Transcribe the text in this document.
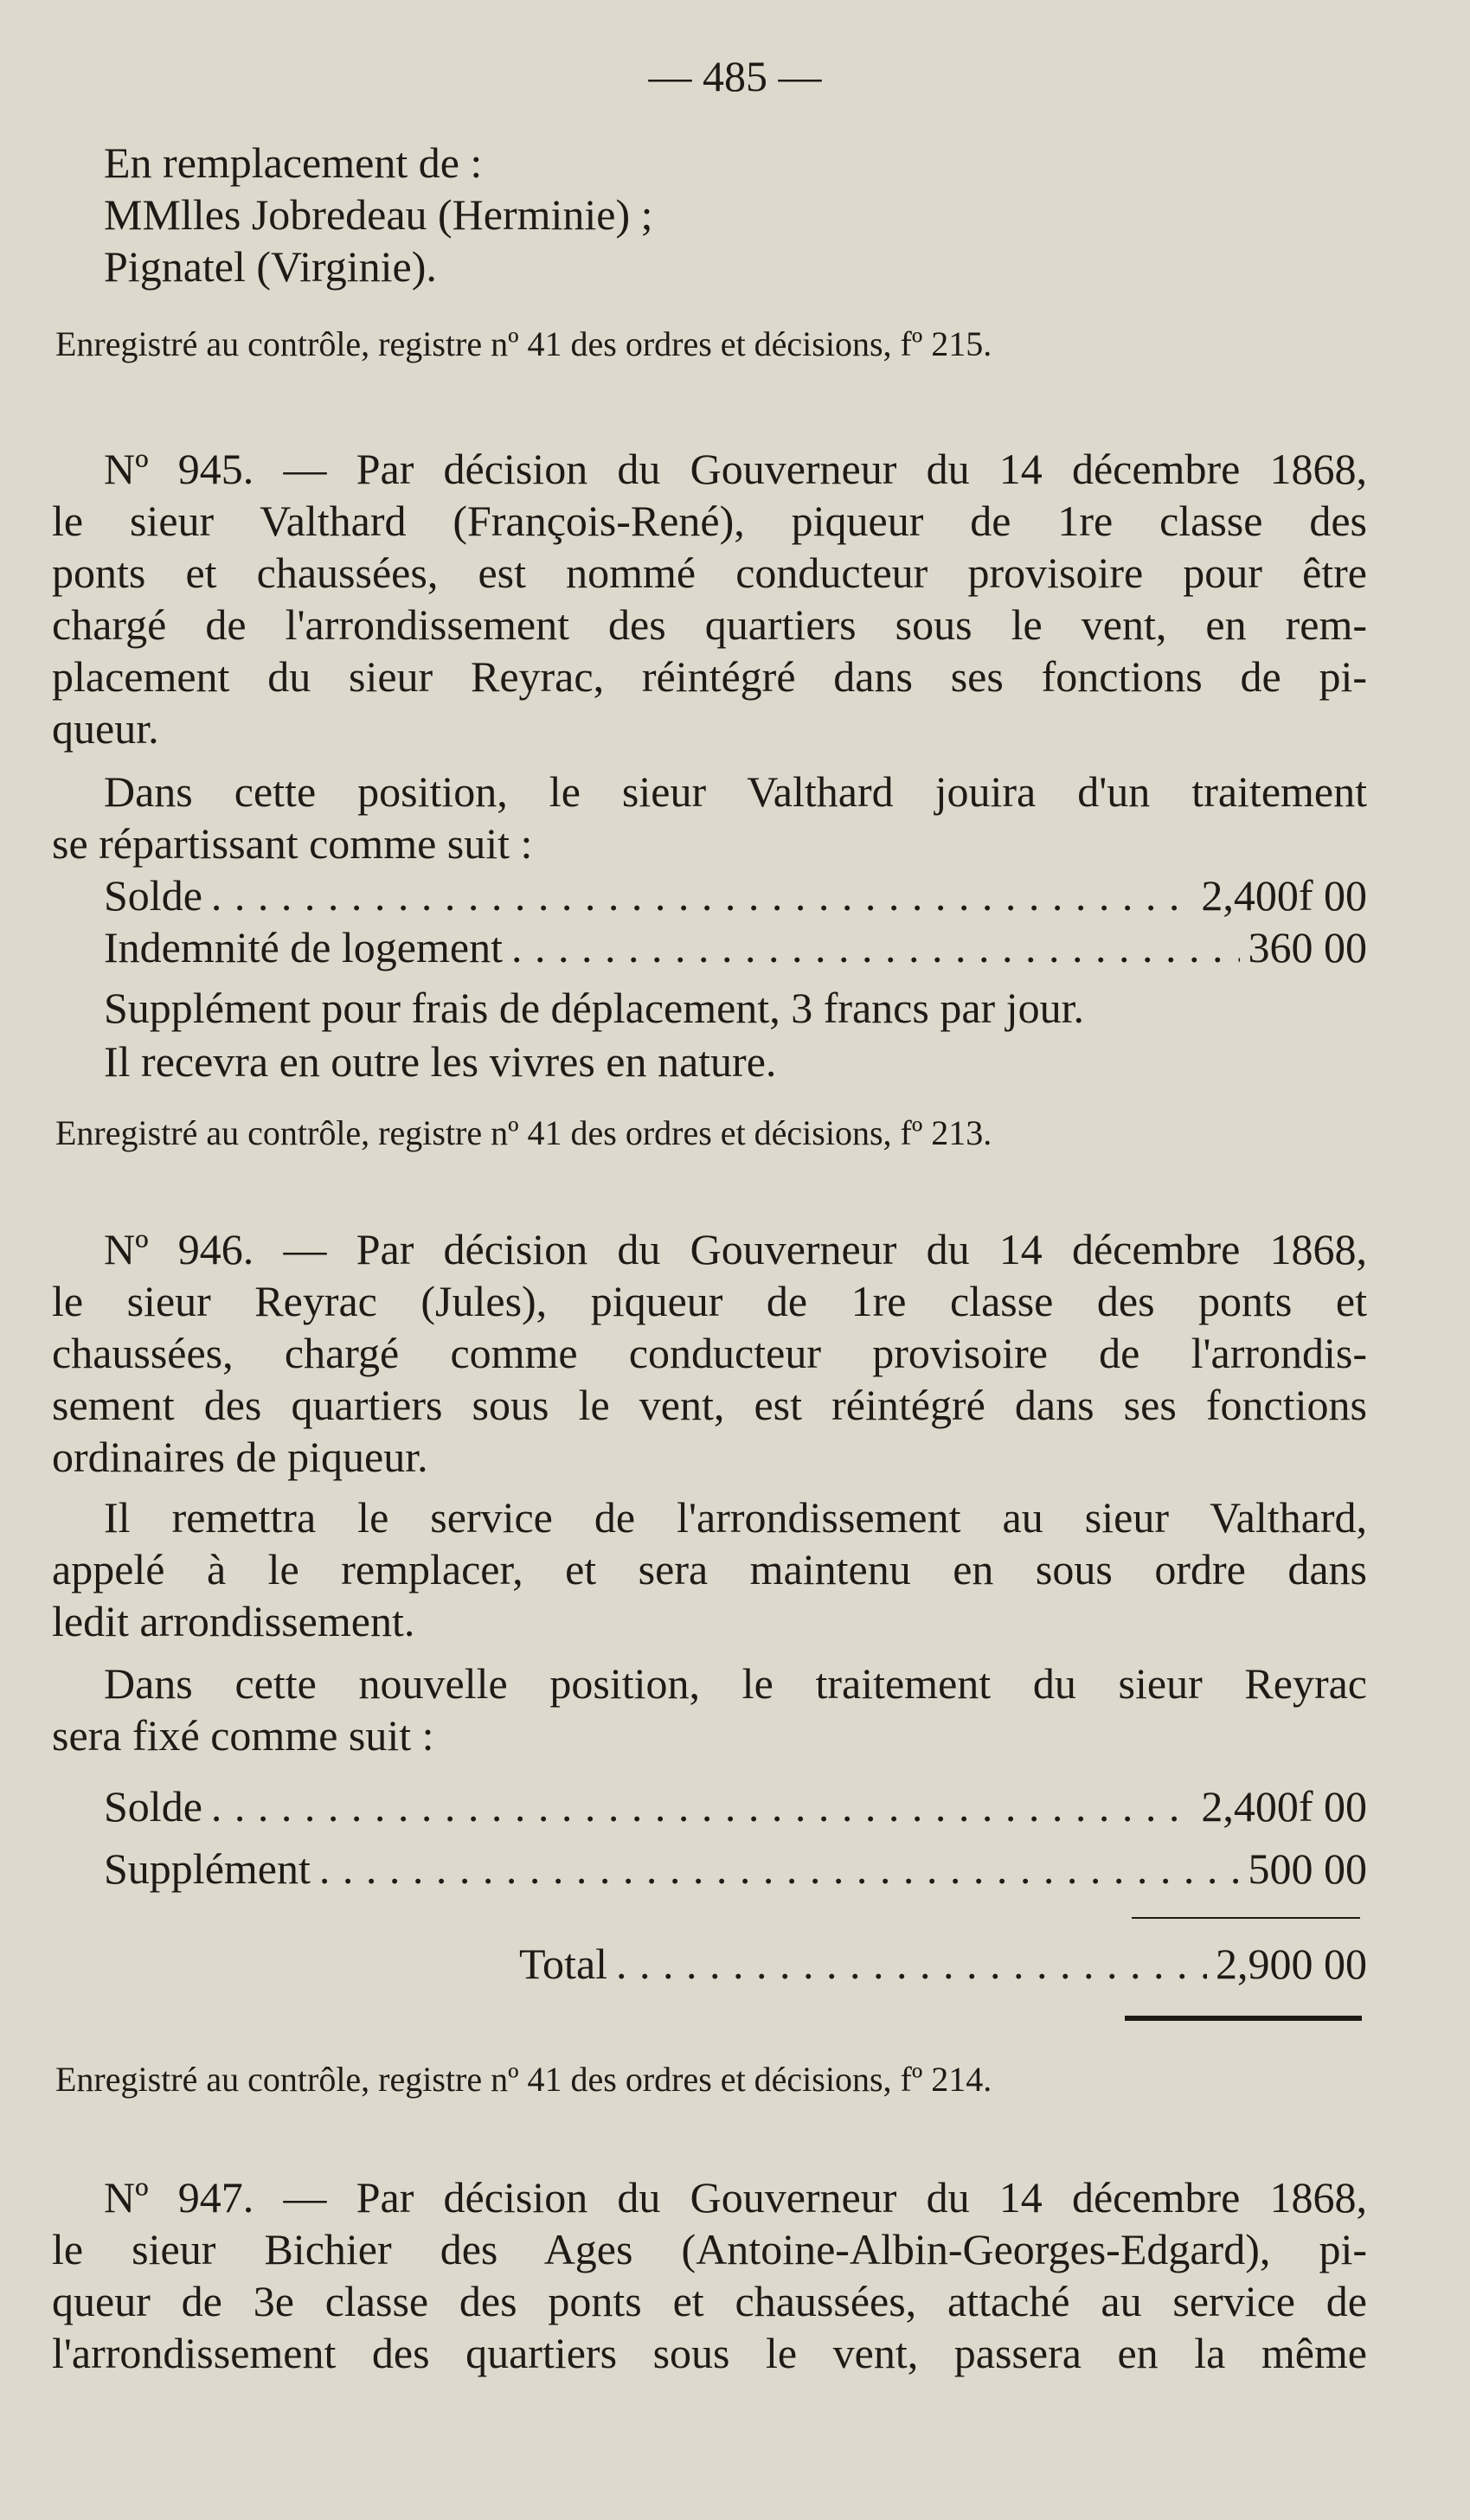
— 485 —
En remplacement de :
MMlles Jobredeau (Herminie) ;
Pignatel (Virginie).
Enregistré au contrôle, registre nº 41 des ordres et décisions, fº 215.
Nº 945. — Par décision du Gouverneur du 14 décembre 1868,
le sieur Valthard (François-René), piqueur de 1re classe des
ponts et chaussées, est nommé conducteur provisoire pour être
chargé de l'arrondissement des quartiers sous le vent, en rem-
placement du sieur Reyrac, réintégré dans ses fonctions de pi-
queur.
Dans cette position, le sieur Valthard jouira d'un traitement
se répartissant comme suit :
Solde . . .	2,400f 00
Indemnité de logement . . .	360 00
Supplément pour frais de déplacement, 3 francs par jour.
Il recevra en outre les vivres en nature.
Enregistré au contrôle, registre nº 41 des ordres et décisions, fº 213.
Nº 946. — Par décision du Gouverneur du 14 décembre 1868,
le sieur Reyrac (Jules), piqueur de 1re classe des ponts et
chaussées, chargé comme conducteur provisoire de l'arrondis-
sement des quartiers sous le vent, est réintégré dans ses fonctions
ordinaires de piqueur.
Il remettra le service de l'arrondissement au sieur Valthard,
appelé à le remplacer, et sera maintenu en sous ordre dans
ledit arrondissement.
Dans cette nouvelle position, le traitement du sieur Reyrac
sera fixé comme suit :
Solde . . .	2,400f 00
Supplément . . .	500 00
Total . . .	2,900 00
Enregistré au contrôle, registre nº 41 des ordres et décisions, fº 214.
Nº 947. — Par décision du Gouverneur du 14 décembre 1868,
le sieur Bichier des Ages (Antoine-Albin-Georges-Edgard), pi-
queur de 3e classe des ponts et chaussées, attaché au service de
l'arrondissement des quartiers sous le vent, passera en la même
